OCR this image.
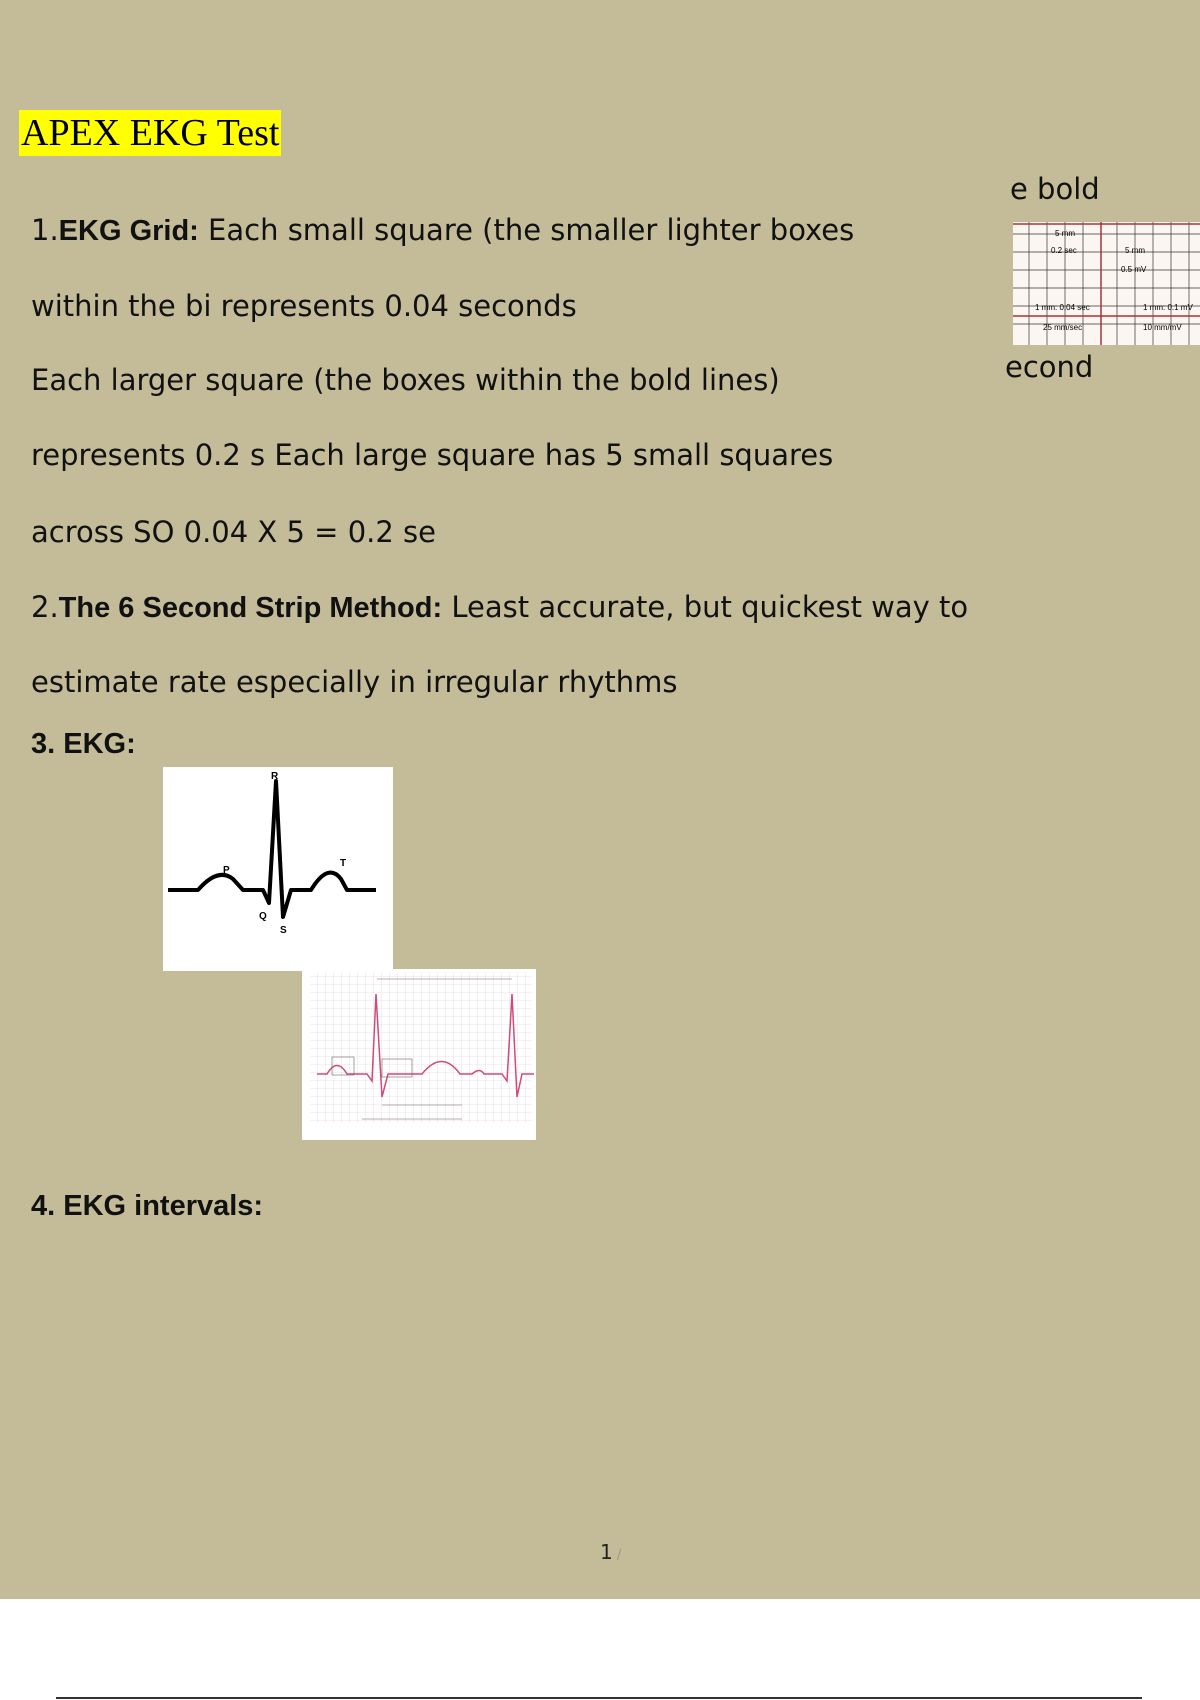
APEX EKG Test
e bold
econd
1.EKG Grid: Each small square (the smaller lighter boxes
within the bi represents 0.04 seconds
Each larger square (the boxes within the bold lines)
represents 0.2 s Each large square has 5 small squares
across SO 0.04 X 5 = 0.2 se
2.The 6 Second Strip Method: Least accurate, but quickest way to
estimate rate especially in irregular rhythms
3. EKG:
4. EKG intervals:
5 mm
0.2 sec	5 mm
0.5 mV
1 mm: 0.04 sec	1 mm: 0.1 mV
25 mm/sec	10 mm/mV
P
Q
R
S
T
1 /
